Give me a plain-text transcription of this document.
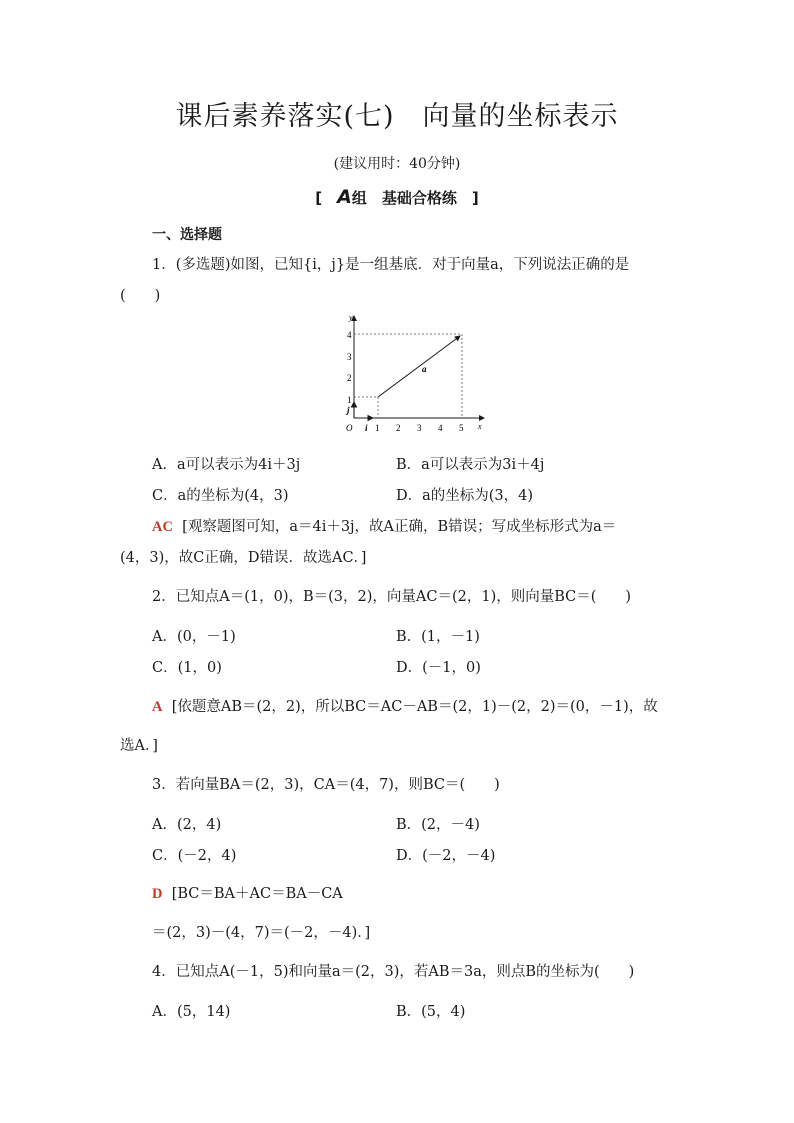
课后素养落实(七)　向量的坐标表示
(建议用时：40分钟)
[　A组　基础合格练　]
一、选择题
1．(多选题)如图，已知{i，j}是一组基底．对于向量a，下列说法正确的是
(　　)
a
y
x
O
1
2
3
4
j
i 1 2 3 4 5
A．a可以表示为4i＋3j	B．a可以表示为3i＋4j
C．a的坐标为(4，3)	D．a的坐标为(3，4)
AC [观察题图可知，a＝4i＋3j，故A正确，B错误；写成坐标形式为a＝
(4，3)，故C正确，D错误．故选AC．]
2．已知点A＝(1，0)，B＝(3，2)，向量AC＝(2，1)，则向量BC＝(　　)
A．(0，－1)	B．(1，－1)
C．(1，0)	D．(－1，0)
A [依题意AB＝(2，2)，所以BC＝AC－AB＝(2，1)－(2，2)＝(0，－1)，故
选A．]
3．若向量BA＝(2，3)，CA＝(4，7)，则BC＝(　　)
A．(2，4)	B．(2，－4)
C．(－2，4)	D．(－2，－4)
D [BC＝BA＋AC＝BA－CA
＝(2，3)－(4，7)＝(－2，－4)．]
4．已知点A(－1，5)和向量a＝(2，3)，若AB＝3a，则点B的坐标为(　　)
A．(5，14)	B．(5，4)
